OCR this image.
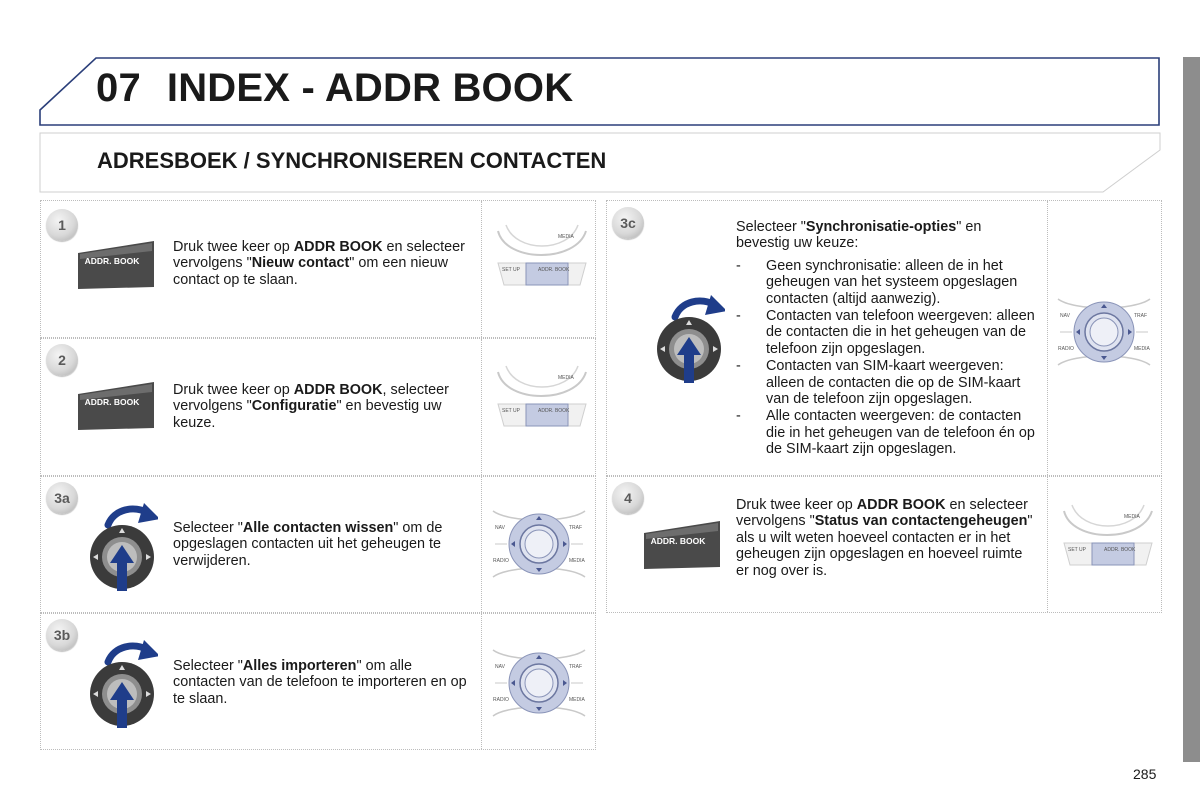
07 INDEX - ADDR BOOK
ADRESBOEK / SYNCHRONISEREN CONTACTEN
1
ADDR. BOOK
Druk twee keer op ADDR BOOK en selecteer vervolgens "Nieuw contact" om een nieuw contact op te slaan.
MEDIA
SET UP	ADDR. BOOK
2
ADDR. BOOK
Druk twee keer op ADDR BOOK, selecteer vervolgens "Configuratie" en bevestig uw keuze.
MEDIA
SET UP	ADDR. BOOK
3a
Selecteer "Alle contacten wissen" om de opgeslagen contacten uit het geheugen te verwijderen.
NAV	TRAF
RADIO	MEDIA
3b
Selecteer "Alles importeren" om alle contacten van de telefoon te importeren en op te slaan.
NAV	TRAF
RADIO	MEDIA
3c	Selecteer "Synchronisatie-opties" en bevestig uw keuze:
- Geen synchronisatie: alleen de in het geheugen van het systeem opgeslagen contacten (altijd aanwezig).
- Contacten van telefoon weergeven: alleen de contacten die in het geheugen van de telefoon zijn opgeslagen.
- Contacten van SIM-kaart weergeven: alleen de contacten die op de SIM-kaart van de telefoon zijn opgeslagen.
- Alle contacten weergeven: de contacten die in het geheugen van de telefoon én op de SIM-kaart zijn opgeslagen.
NAV	TRAF
RADIO	MEDIA
4
ADDR. BOOK
Druk twee keer op ADDR BOOK en selecteer vervolgens "Status van contactengeheugen" als u wilt weten hoeveel contacten er in het geheugen zijn opgeslagen en hoeveel ruimte er nog over is.
MEDIA
SET UP	ADDR. BOOK
285
